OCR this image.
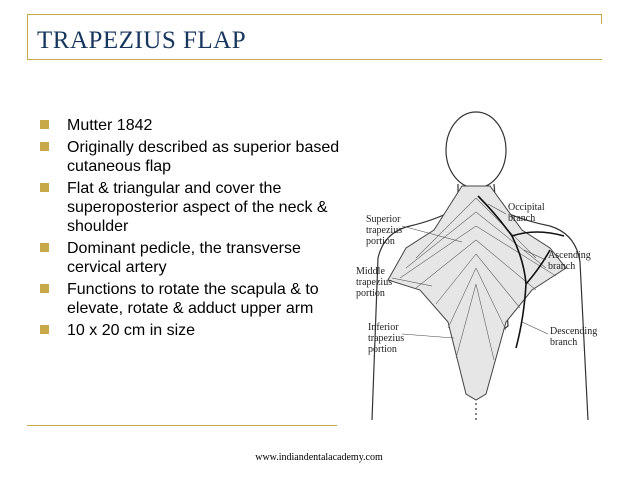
TRAPEZIUS FLAP
Mutter 1842
Originally described as superior based cutaneous flap
Flat & triangular and cover the superoposterior aspect of the neck & shoulder
Dominant pedicle, the transverse cervical artery
Functions to rotate the scapula & to elevate, rotate & adduct upper arm
10 x 20 cm in size
Superior
trapezius
portion
Middle
trapezius
portion
Inferior
trapezius
portion
Occipital
branch
Ascending
branch
Descending
branch
www.indiandentalacademy.com
